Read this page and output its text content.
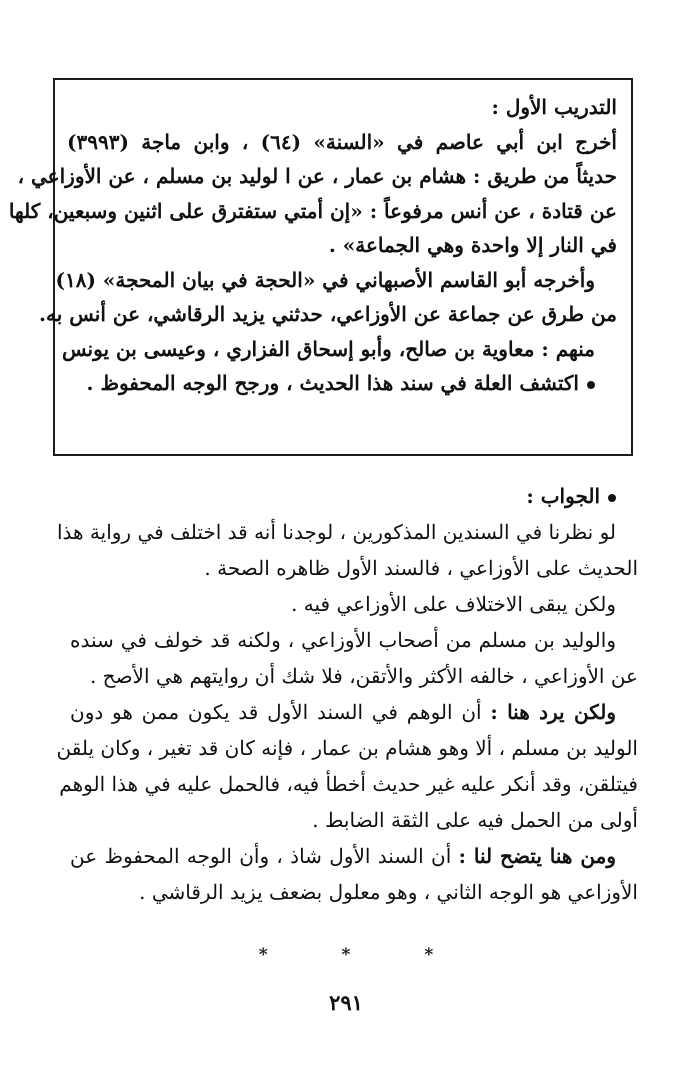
التدريب الأول :
أخرج ابن أبي عاصم في «السنة» (٦٤) ، وابن ماجة (٣٩٩٣)
حديثاً من طريق : هشام بن عمار ، عن ا لوليد بن مسلم ، عن الأوزاعي ،
عن قتادة ، عن أنس مرفوعاً : «إن أمتي ستفترق على اثنين وسبعين، كلها
في النار إلا واحدة وهي الجماعة» .
وأخرجه أبو القاسم الأصبهاني في «الحجة في بيان المحجة» (١٨)
من طرق عن جماعة عن الأوزاعي، حدثني يزيد الرقاشي، عن أنس به.
منهم : معاوية بن صالح، وأبو إسحاق الفزاري ، وعيسى بن يونس
اكتشف العلة في سند هذا الحديث ، ورجح الوجه المحفوظ .
الجواب :
لو نظرنا في السندين المذكورين ، لوجدنا أنه قد اختلف في رواية هذا
الحديث على الأوزاعي ، فالسند الأول ظاهره الصحة .
ولكن يبقى الاختلاف على الأوزاعي فيه .
والوليد بن مسلم من أصحاب الأوزاعي ، ولكنه قد خولف في سنده
عن الأوزاعي ، خالفه الأكثر والأتقن، فلا شك أن روايتهم هي الأصح .
ولكن يرد هنا : أن الوهم في السند الأول قد يكون ممن هو دون
الوليد بن مسلم ، ألا وهو هشام بن عمار ، فإنه كان قد تغير ، وكان يلقن
فيتلقن، وقد أنكر عليه غير حديث أخطأ فيه، فالحمل عليه في هذا الوهم
أولى من الحمل فيه على الثقة الضابط .
ومن هنا يتضح لنا : أن السند الأول شاذ ، وأن الوجه المحفوظ عن
الأوزاعي هو الوجه الثاني ، وهو معلول بضعف يزيد الرقاشي .
* * *
٢٩١
